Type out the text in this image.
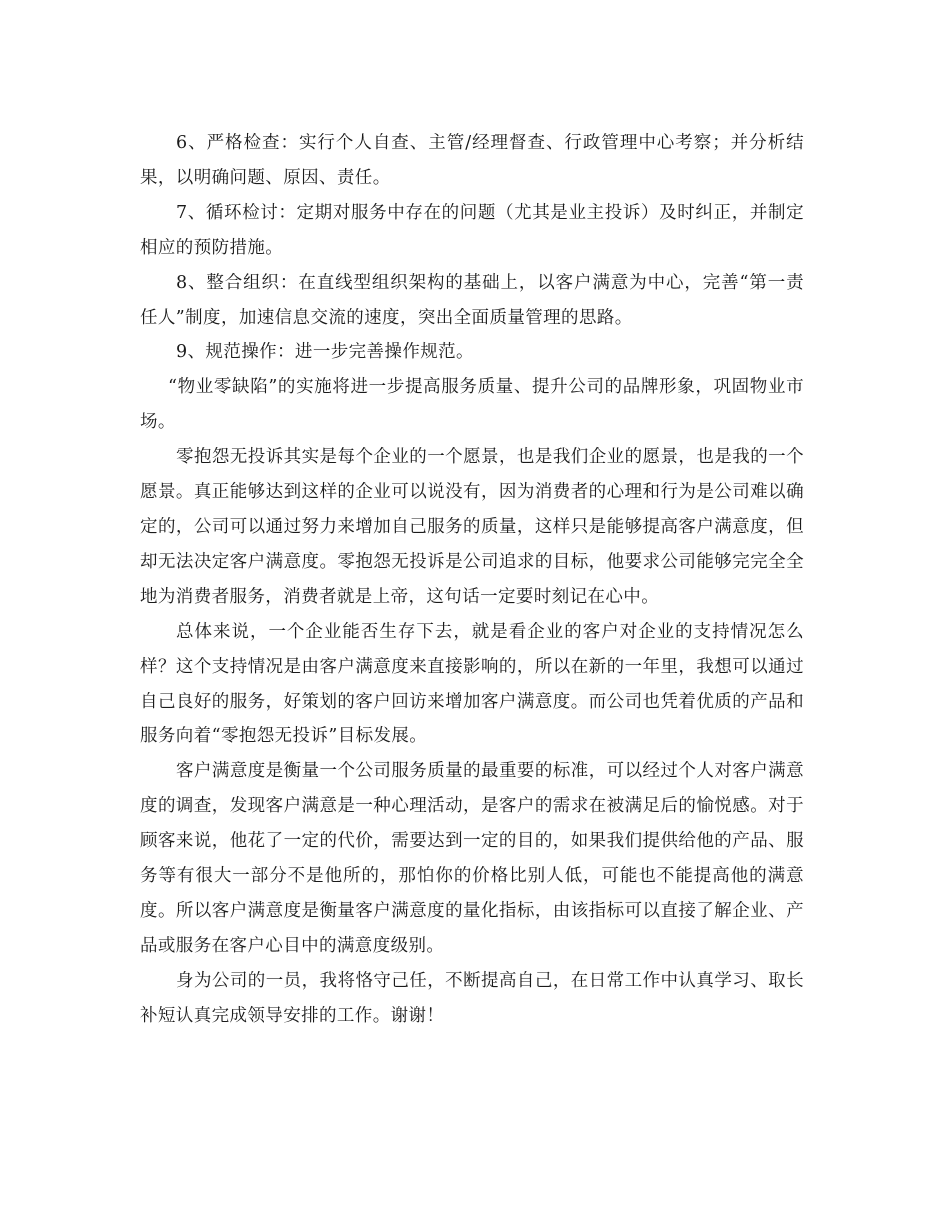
6、严格检查：实行个人自查、主管/经理督查、行政管理中心考察；并分析结果，以明确问题、原因、责任。

7、循环检讨：定期对服务中存在的问题（尤其是业主投诉）及时纠正，并制定相应的预防措施。

8、整合组织：在直线型组织架构的基础上，以客户满意为中心，完善“第一责任人”制度，加速信息交流的速度，突出全面质量管理的思路。

9、规范操作：进一步完善操作规范。

“物业零缺陷”的实施将进一步提高服务质量、提升公司的品牌形象，巩固物业市场。

零抱怨无投诉其实是每个企业的一个愿景，也是我们企业的愿景，也是我的一个愿景。真正能够达到这样的企业可以说没有，因为消费者的心理和行为是公司难以确定的，公司可以通过努力来增加自己服务的质量，这样只是能够提高客户满意度，但却无法决定客户满意度。零抱怨无投诉是公司追求的目标，他要求公司能够完完全全地为消费者服务，消费者就是上帝，这句话一定要时刻记在心中。

总体来说，一个企业能否生存下去，就是看企业的客户对企业的支持情况怎么样？这个支持情况是由客户满意度来直接影响的，所以在新的一年里，我想可以通过自己良好的服务，好策划的客户回访来增加客户满意度。而公司也凭着优质的产品和服务向着“零抱怨无投诉”目标发展。

客户满意度是衡量一个公司服务质量的最重要的标准，可以经过个人对客户满意度的调查，发现客户满意是一种心理活动，是客户的需求在被满足后的愉悦感。对于顾客来说，他花了一定的代价，需要达到一定的目的，如果我们提供给他的产品、服务等有很大一部分不是他所的，那怕你的价格比别人低，可能也不能提高他的满意度。所以客户满意度是衡量客户满意度的量化指标，由该指标可以直接了解企业、产品或服务在客户心目中的满意度级别。

身为公司的一员，我将恪守己任，不断提高自己，在日常工作中认真学习、取长补短认真完成领导安排的工作。谢谢！
